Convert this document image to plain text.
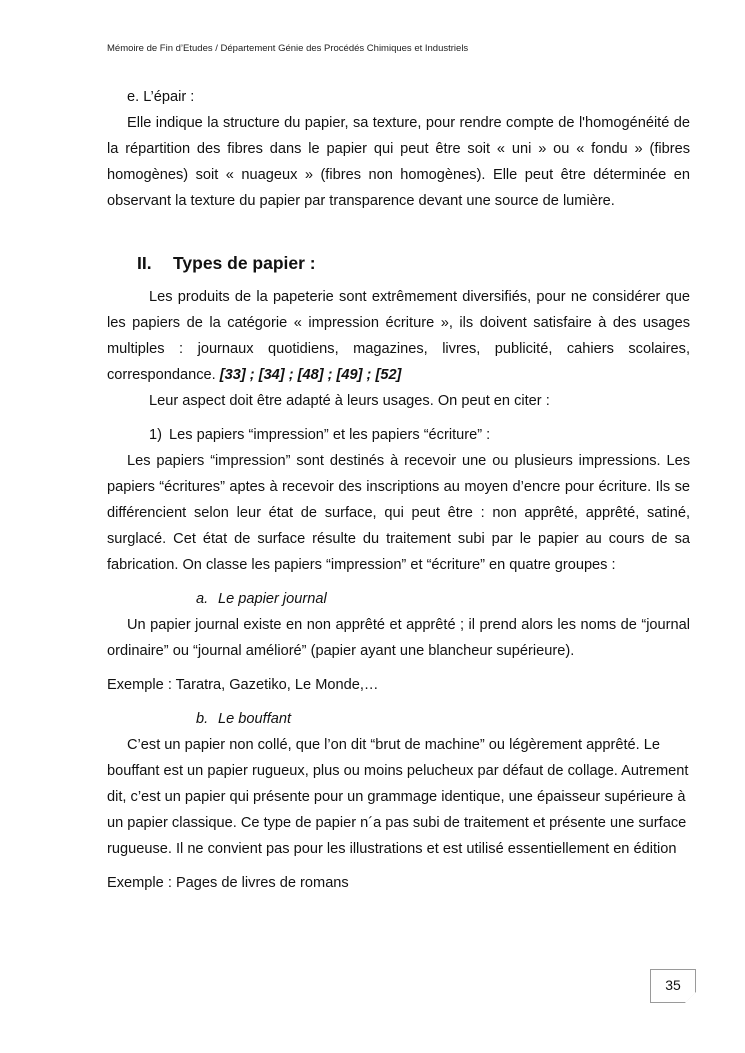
Mémoire de Fin d’Etudes / Département Génie des Procédés Chimiques et Industriels

e. L’épair :

Elle indique la structure du papier, sa texture, pour rendre compte de l'homogénéité de la répartition des fibres dans le papier qui peut être soit « uni » ou « fondu » (fibres homogènes) soit « nuageux » (fibres non homogènes). Elle peut être déterminée en observant la texture du papier par transparence devant une source de lumière.

II. Types de papier :

Les produits de la papeterie sont extrêmement diversifiés, pour ne considérer que les papiers de la catégorie « impression écriture », ils doivent satisfaire à des usages multiples : journaux quotidiens, magazines, livres, publicité, cahiers scolaires, correspondance. [33] ; [34] ; [48] ; [49] ; [52]

Leur aspect doit être adapté à leurs usages. On peut en citer :

1) Les papiers “impression” et les papiers “écriture” :

Les papiers “impression” sont destinés à recevoir une ou plusieurs impressions. Les papiers “écritures” aptes à recevoir des inscriptions au moyen d’encre pour écriture. Ils se différencient selon leur état de surface, qui peut être : non apprêté, apprêté, satiné, surglacé. Cet état de surface résulte du traitement subi par le papier au cours de sa fabrication. On classe les papiers “impression” et “écriture” en quatre groupes :

a. Le papier journal

Un papier journal existe en non apprêté et apprêté ; il prend alors les noms de “journal ordinaire” ou “journal amélioré” (papier ayant une blancheur supérieure).

Exemple : Taratra, Gazetiko, Le Monde,…

b. Le bouffant

C’est un papier non collé, que l’on dit “brut de machine” ou légèrement apprêté. Le bouffant est un papier rugueux, plus ou moins pelucheux par défaut de collage. Autrement dit, c’est un papier qui présente pour un grammage identique, une épaisseur supérieure à un papier classique. Ce type de papier n´a pas subi de traitement et présente une surface rugueuse. Il ne convient pas pour les illustrations et est utilisé essentiellement en édition

Exemple : Pages de livres de romans

35
